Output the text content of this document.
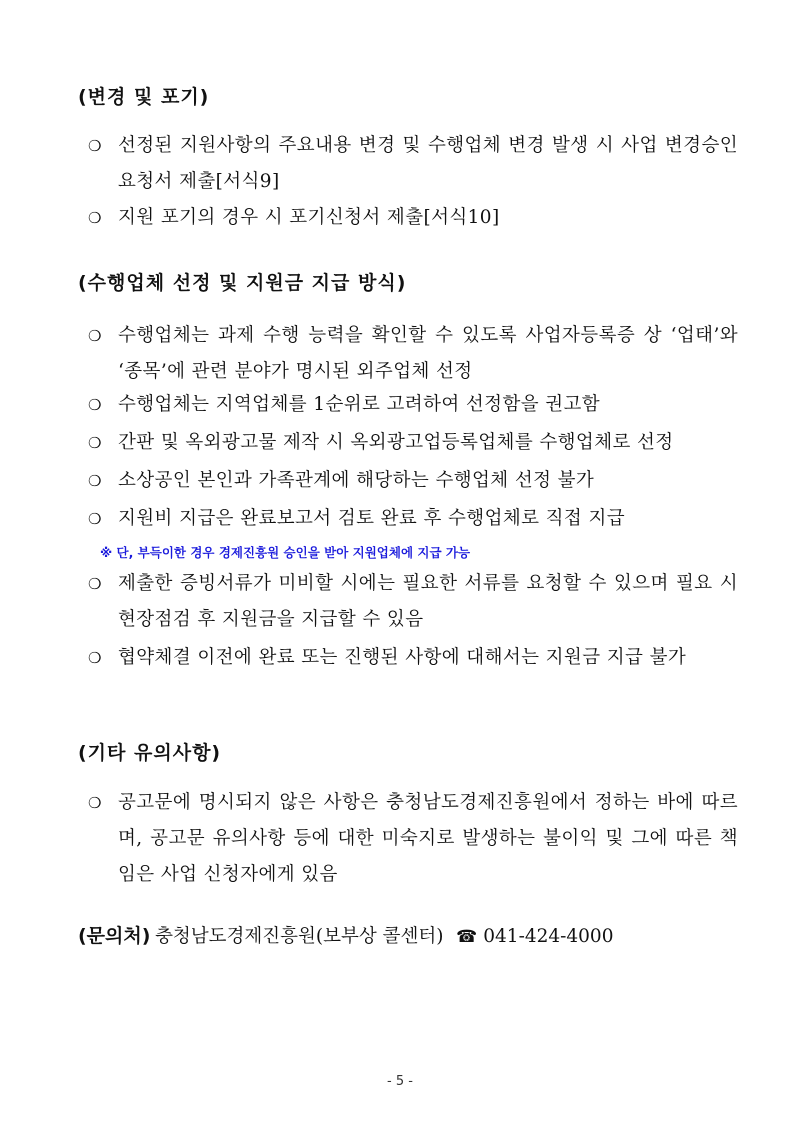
(변경 및 포기)
❍ 선정된 지원사항의 주요내용 변경 및 수행업체 변경 발생 시 사업 변경승인 요청서 제출[서식9]
❍ 지원 포기의 경우 시 포기신청서 제출[서식10]
(수행업체 선정 및 지원금 지급 방식)
❍ 수행업체는 과제 수행 능력을 확인할 수 있도록 사업자등록증 상 ‘업태’와 ‘종목’에 관련 분야가 명시된 외주업체 선정
❍ 수행업체는 지역업체를 1순위로 고려하여 선정함을 권고함
❍ 간판 및 옥외광고물 제작 시 옥외광고업등록업체를 수행업체로 선정
❍ 소상공인 본인과 가족관계에 해당하는 수행업체 선정 불가
❍ 지원비 지급은 완료보고서 검토 완료 후 수행업체로 직접 지급

※ 단, 부득이한 경우 경제진흥원 승인을 받아 지원업체에 지급 가능

❍ 제출한 증빙서류가 미비할 시에는 필요한 서류를 요청할 수 있으며 필요 시 현장점검 후 지원금을 지급할 수 있음
❍ 협약체결 이전에 완료 또는 진행된 사항에 대해서는 지원금 지급 불가
(기타 유의사항)
❍ 공고문에 명시되지 않은 사항은 충청남도경제진흥원에서 정하는 바에 따르며, 공고문 유의사항 등에 대한 미숙지로 발생하는 불이익 및 그에 따른 책임은 사업 신청자에게 있음

(문의처) 충청남도경제진흥원(보부상 콜센터) ☎ 041-424-4000

- 5 -
